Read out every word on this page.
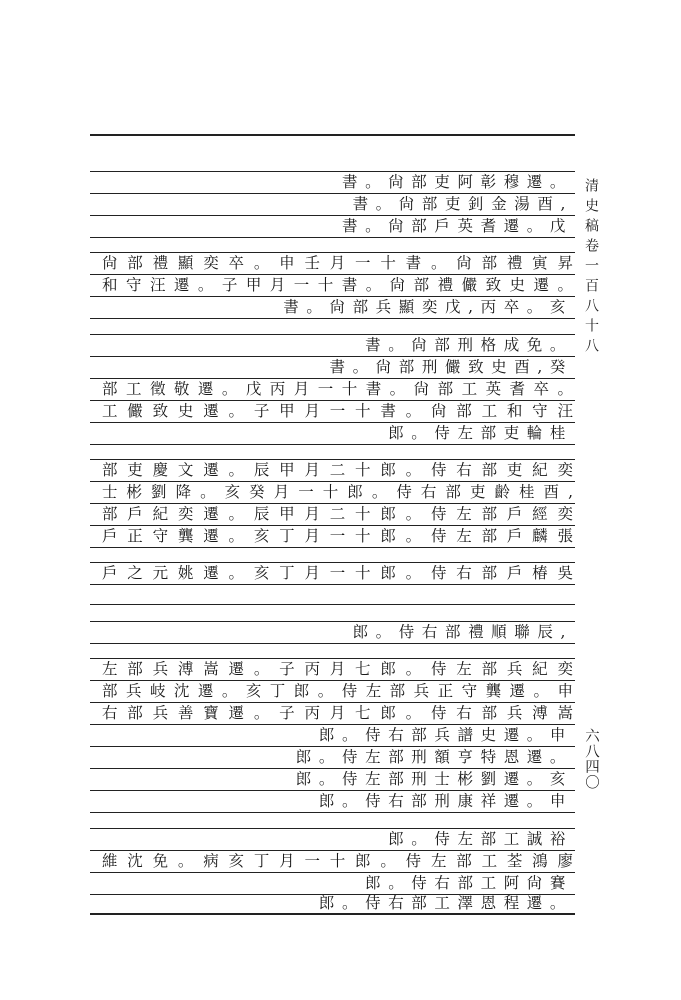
書。尙部吏阿彰穆遷。
書。尙部吏釗金湯酉,
書。尙部戶英耆遷。戊
尙部禮顯奕卒。申壬月一十書。尙部禮寅昇
和守汪遷。子甲月一十書。尙部禮儼致史遷。
書。尙部兵顯奕戊,丙卒。亥
書。尙部刑格成免。
書。尙部刑儼致史酉,癸
部工徵敬遷。戊丙月一十書。尙部工英耆卒。
工儼致史遷。子甲月一十書。尙部工和守汪
郎。侍左部吏輪桂
部吏慶文遷。辰甲月二十郎。侍右部吏紀奕
士彬劉降。亥癸月一十郎。侍右部吏齡桂酉,
部戶紀奕遷。辰甲月二十郎。侍左部戶經奕
戶正守龔遷。亥丁月一十郎。侍左部戶麟張
戶之元姚遷。亥丁月一十郎。侍右部戶椿吳
郎。侍右部禮順聯辰,
左部兵溥嵩遷。子丙月七郎。侍左部兵紀奕
部兵岐沈遷。亥丁郎。侍左部兵正守龔遷。申
右部兵善寶遷。子丙月七郎。侍右部兵溥嵩
郎。侍右部兵譜史遷。申
郎。侍左部刑額亨特恩遷。
郎。侍左部刑士彬劉遷。亥
郎。侍右部刑康祥遷。申
郎。侍左部工誠裕
維沈免。病亥丁月一十郎。侍左部工荃鴻廖
郎。侍右部工阿尙賽
郎。侍右部工澤恩程遷。
清史稿卷一百八十八
六八四〇
